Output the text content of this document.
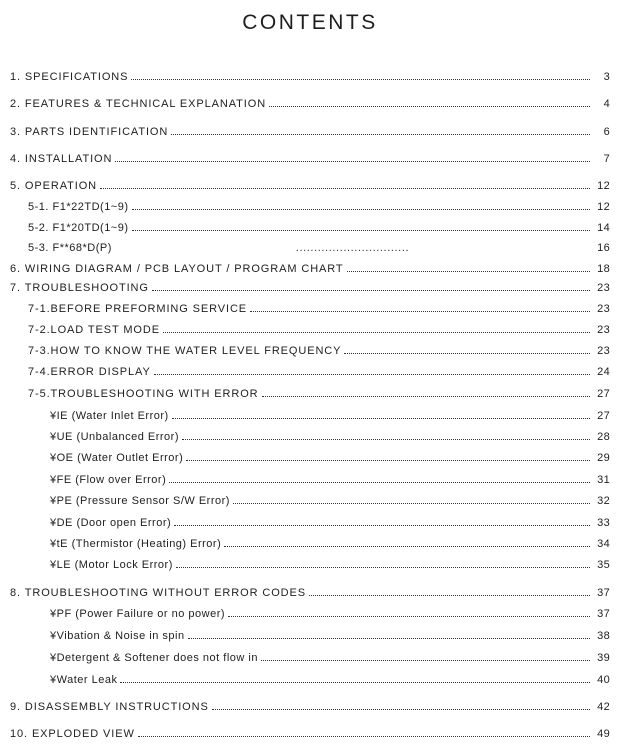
CONTENTS
1. SPECIFICATIONS	3
2. FEATURES & TECHNICAL EXPLANATION	4
3. PARTS IDENTIFICATION	6
4. INSTALLATION	7
5. OPERATION	12
5-1. F1*22TD(1~9)	12
5-2. F1*20TD(1~9)	14
5-3. F**68*D(P)	...............................	16
6. WIRING DIAGRAM / PCB LAYOUT / PROGRAM CHART	18
7. TROUBLESHOOTING	23
7-1.BEFORE PREFORMING SERVICE	23
7-2.LOAD TEST MODE	23
7-3.HOW TO KNOW THE WATER LEVEL FREQUENCY	23
7-4.ERROR DISPLAY	24
7-5.TROUBLESHOOTING WITH ERROR	27
¥IE (Water Inlet Error)	27
¥UE (Unbalanced Error)	28
¥OE (Water Outlet Error)	29
¥FE (Flow over Error)	31
¥PE (Pressure Sensor S/W Error)	32
¥DE (Door open Error)	33
¥tE (Thermistor (Heating) Error)	34
¥LE (Motor Lock Error)	35
8. TROUBLESHOOTING WITHOUT ERROR CODES	37
¥PF (Power Failure or no power)	37
¥Vibation & Noise in spin	38
¥Detergent & Softener does not flow in	39
¥Water Leak	40
9. DISASSEMBLY INSTRUCTIONS	42
10. EXPLODED VIEW	49
